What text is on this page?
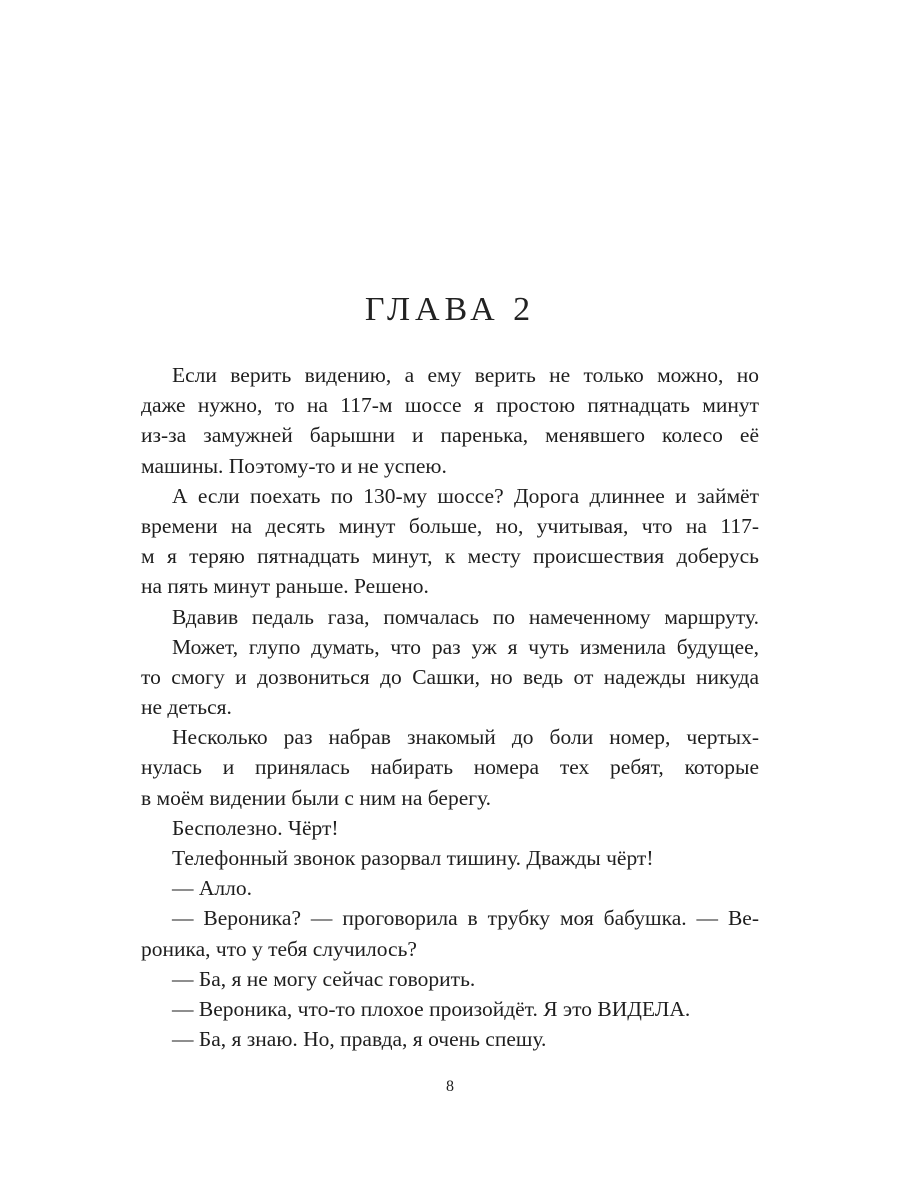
ГЛАВА 2
Если верить видению, а ему верить не только можно, но
даже нужно, то на 117-м шоссе я простою пятнадцать минут
из-за замужней барышни и паренька, менявшего колесо её
машины. Поэтому-то и не успею.
А если поехать по 130-му шоссе? Дорога длиннее и займёт
времени на десять минут больше, но, учитывая, что на 117-
м я теряю пятнадцать минут, к месту происшествия доберусь
на пять минут раньше. Решено.
Вдавив педаль газа, помчалась по намеченному маршруту.
Может, глупо думать, что раз уж я чуть изменила будущее,
то смогу и дозвониться до Сашки, но ведь от надежды никуда
не деться.
Несколько раз набрав знакомый до боли номер, чертых-
нулась и принялась набирать номера тех ребят, которые
в моём видении были с ним на берегу.
Бесполезно. Чёрт!
Телефонный звонок разорвал тишину. Дважды чёрт!
— Алло.
— Вероника? — проговорила в трубку моя бабушка. — Ве-
роника, что у тебя случилось?
— Ба, я не могу сейчас говорить.
— Вероника, что-то плохое произойдёт. Я это ВИДЕЛА.
— Ба, я знаю. Но, правда, я очень спешу.
8
